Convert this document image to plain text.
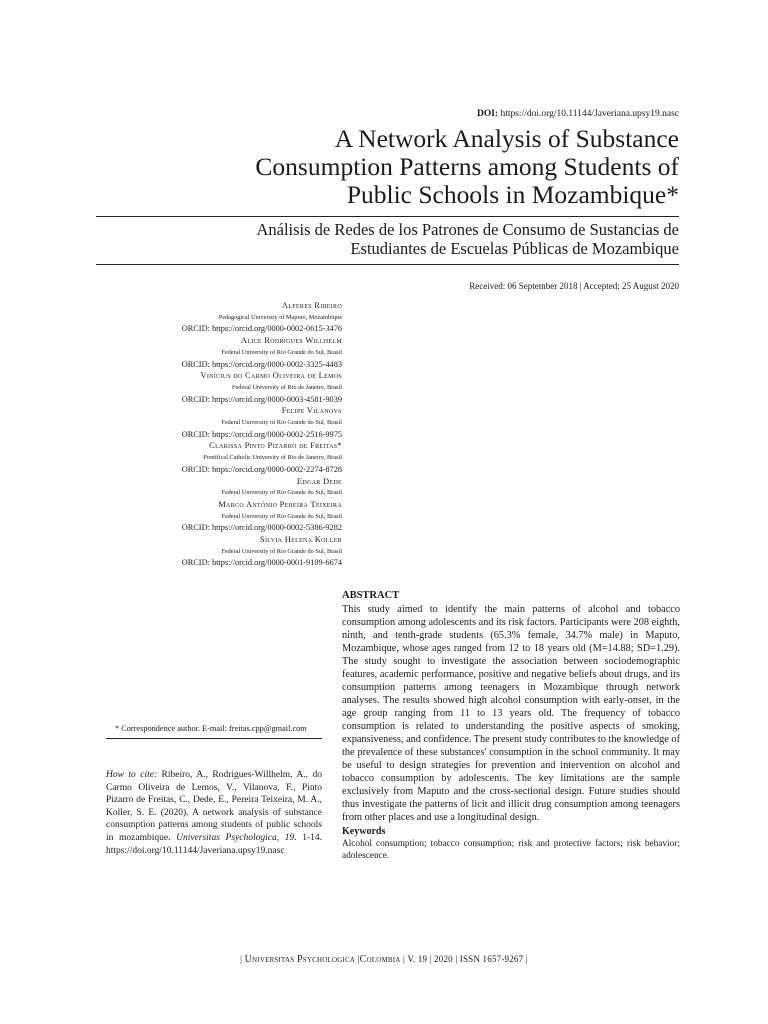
DOI: https://doi.org/10.11144/Javeriana.upsy19.nasc
A Network Analysis of Substance
Consumption Patterns among Students of
Public Schools in Mozambique*
Análisis de Redes de los Patrones de Consumo de Sustancias de
Estudiantes de Escuelas Públicas de Mozambique
Received: 06 September 2018 | Accepted: 25 August 2020
Alferes Ribeiro
Pedagogical University of Maputo, Mozambique
ORCID: https://orcid.org/0000-0002-0615-3476
Alice Rodrigues Willhelm
Federal University of Rio Grande do Sul, Brasil
ORCID: https://orcid.org/0000-0002-3325-4483
Vinícius do Carmo Oliveira de Lemos
Federal University of Rio de Janeiro, Brasil
ORCID: https://orcid.org/0000-0003-4581-9039
Felipe Vilanova
Federal University of Rio Grande do Sul, Brasil
ORCID: https://orcid.org/0000-0002-2516-9975
Clarissa Pinto Pizarro de Freitas*
Pontifical Catholic University of Rio de Janeiro, Brasil
ORCID: https://orcid.org/0000-0002-2274-8728
Edgar Dede
Federal University of Rio Grande do Sul, Brasil
Marco Antônio Pereira Teixeira
Federal University of Rio Grande do Sul, Brasil
ORCID: https://orcid.org/0000-0002-5386-9282
Sílvia Helena Koller
Federal University of Rio Grande do Sul, Brasil
ORCID: https://orcid.org/0000-0001-9109-6674
* Correspondence author. E-mail: freitas.cpp@gmail.com
How to cite: Ribeiro, A., Rodrigues-Willhelm, A., do Carmo Oliveira de Lemos, V., Vilanova, F., Pinto Pizarro de Freitas, C., Dede, E., Pereira Teixeira, M. A., Koller, S. E. (2020). A network analysis of substance consumption patterns among students of public schools in mozambique. Universitas Psychologica, 19. 1-14. https://doi.org/10.11144/Javeriana.upsy19.nasc
ABSTRACT

This study aimed to identify the main patterns of alcohol and tobacco consumption among adolescents and its risk factors. Participants were 208 eighth, ninth, and tenth-grade students (65.3% female, 34.7% male) in Maputo, Mozambique, whose ages ranged from 12 to 18 years old (M=14.88; SD=1.29). The study sought to investigate the association between sociodemographic features, academic performance, positive and negative beliefs about drugs, and its consumption patterns among teenagers in Mozambique through network analyses. The results showed high alcohol consumption with early-onset, in the age group ranging from 11 to 13 years old. The frequency of tobacco consumption is related to understanding the positive aspects of smoking, expansiveness, and confidence. The present study contributes to the knowledge of the prevalence of these substances' consumption in the school community. It may be useful to design strategies for prevention and intervention on alcohol and tobacco consumption by adolescents. The key limitations are the sample exclusively from Maputo and the cross-sectional design. Future studies should thus investigate the patterns of licit and illicit drug consumption among teenagers from other places and use a longitudinal design.

Keywords

Alcohol consumption; tobacco consumption; risk and protective factors; risk behavior; adolescence.

| Universitas Psychologica |Colombia | V. 19 | 2020 | ISSN 1657-9267 |
